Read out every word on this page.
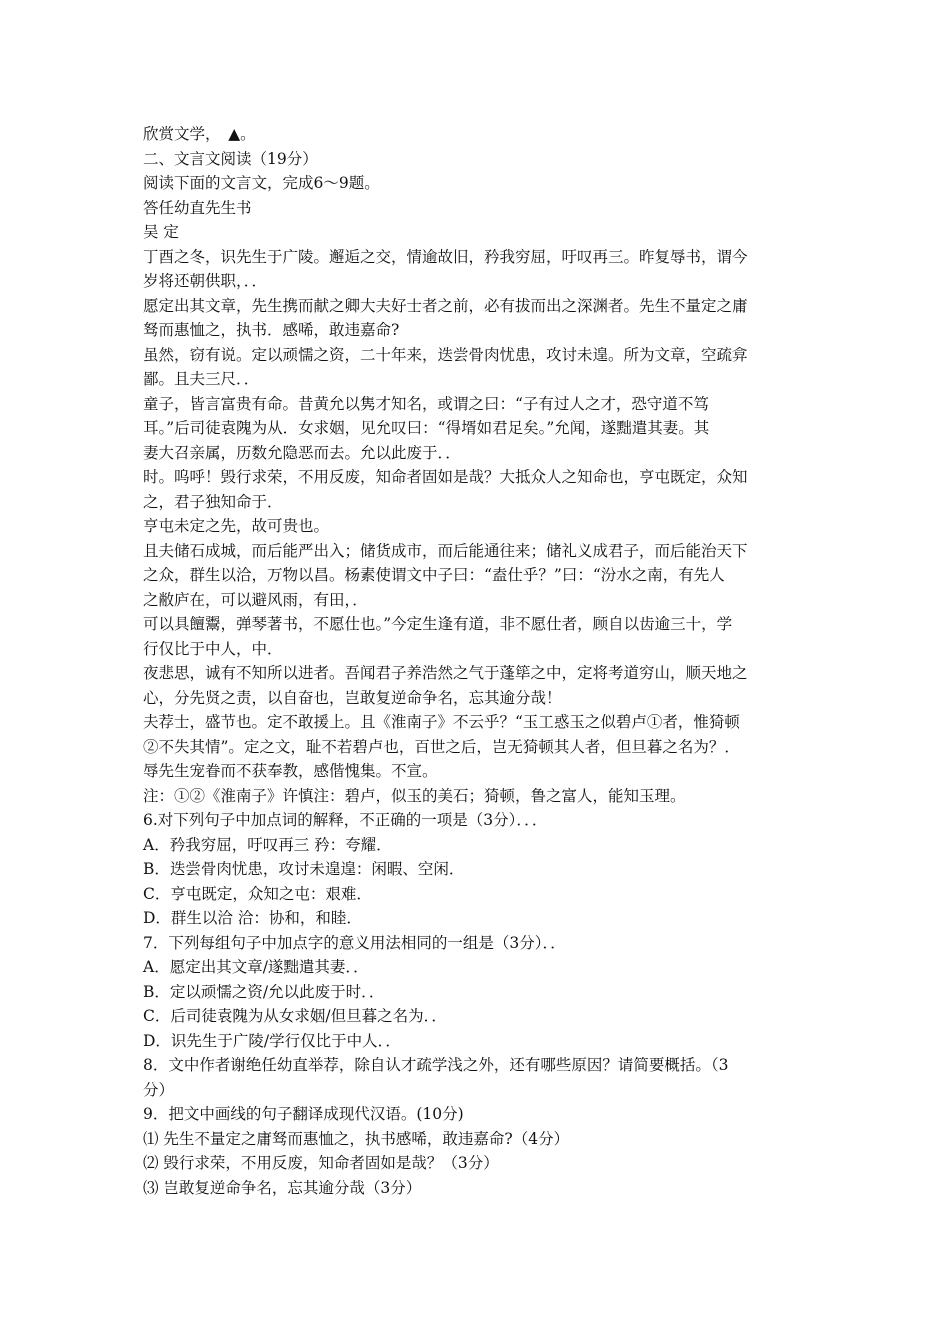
欣赏文学，　▲。

二、文言文阅读（19分）

阅读下面的文言文，完成6～9题。

答任幼直先生书

吴 定

丁酉之冬，识先生于广陵。邂逅之交，情逾故旧，矜我穷屈，吁叹再三。昨复辱书，谓今

岁将还朝供职，．．

愿定出其文章，先生携而献之卿大夫好士者之前，必有拔而出之深渊者。先生不量定之庸

驽而惠恤之，执书．感唏，敢违嘉命?

虽然，窃有说。定以顽懦之资，二十年来，迭尝骨肉忧患，攻讨未遑。所为文章，空疏弇

鄙。且夫三尺．．

童子，皆言富贵有命。昔黄允以隽才知名，或谓之曰：“子有过人之才，恐守道不笃

耳。”后司徒袁隗为从．女求姻，见允叹曰：“得壻如君足矣。”允闻，遂黜遣其妻。其

妻大召亲属，历数允隐恶而去。允以此废于．．

时。呜呼！毁行求荣，不用反废，知命者固如是哉？大抵众人之知命也，亨屯既定，众知

之，君子独知命于．

亨屯未定之先，故可贵也。

且夫储石成城，而后能严出入；储货成市，而后能通往来；储礼义成君子，而后能治天下

之众，群生以洽，万物以昌。杨素使谓文中子曰：“盍仕乎？”曰：“汾水之南，有先人

之敝庐在，可以避风雨，有田，．

可以具饘鬻，弹琴著书，不愿仕也。”今定生逢有道，非不愿仕者，顾自以齿逾三十，学

行仅比于中人，中．

夜悲思，诚有不知所以进者。吾闻君子养浩然之气于蓬筚之中，定将考道穷山，顺天地之

心，分先贤之责，以自奋也，岂敢复逆命争名，忘其逾分哉！

夫荐士，盛节也。定不敢援上。且《淮南子》不云乎？“玉工惑玉之似碧卢①者，惟猗顿

②不失其情”。定之文，耻不若碧卢也，百世之后，岂无猗顿其人者，但旦暮之名为？．

辱先生宠眷而不获奉教，感偕愧集。不宣。

注：①②《淮南子》许慎注：碧卢，似玉的美石；猗顿，鲁之富人，能知玉理。

6.对下列句子中加点词的解释，不正确的一项是（3分）．．．

A．矜我穷屈，吁叹再三 矜：夸耀．

B．迭尝骨肉忧患，攻讨未遑遑：闲暇、空闲．

C．亨屯既定，众知之屯：艰难．

D．群生以洽 洽：协和，和睦．

7．下列每组句子中加点字的意义用法相同的一组是（3分）．．

A．愿定出其文章/遂黜遣其妻．．

B．定以顽懦之资/允以此废于时．．

C．后司徒袁隗为从女求姻/但旦暮之名为．．

D．识先生于广陵/学行仅比于中人．．

8．文中作者谢绝任幼直举荐，除自认才疏学浅之外，还有哪些原因？请简要概括。（3

分）

9．把文中画线的句子翻译成现代汉语。(10分)

⑴ 先生不量定之庸驽而惠恤之，执书感唏，敢违嘉命?（4分）

⑵ 毁行求荣，不用反废，知命者固如是哉？（3分）

⑶ 岂敢复逆命争名，忘其逾分哉（3分）
